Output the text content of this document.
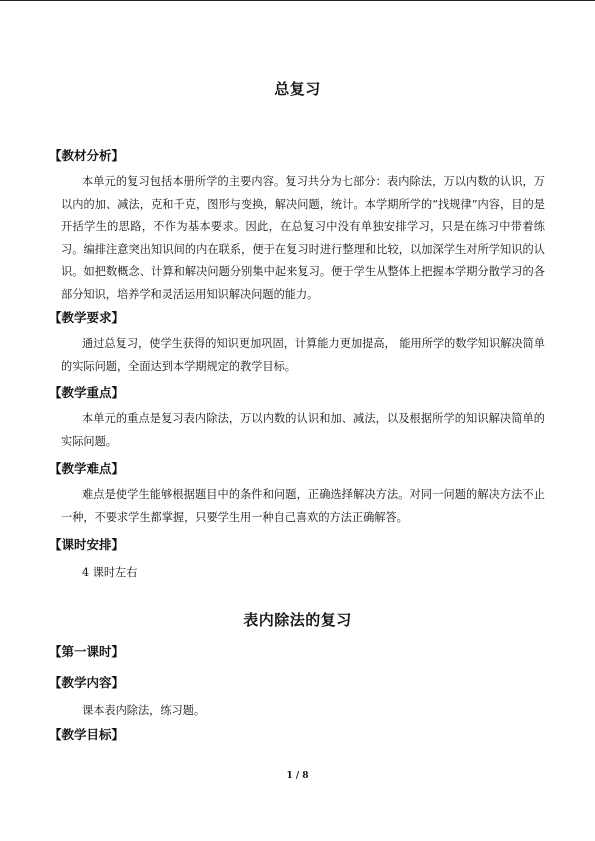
总复习
【教材分析】

本单元的复习包括本册所学的主要内容。复习共分为七部分：表内除法，万以内数的认识，万以内的加、减法，克和千克，图形与变换，解决问题，统计。本学期所学的“找规律”内容，目的是开括学生的思路，不作为基本要求。因此，在总复习中没有单独安排学习，只是在练习中带着练习。编排注意突出知识间的内在联系，便于在复习时进行整理和比较，以加深学生对所学知识的认识。如把数概念、计算和解决问题分别集中起来复习。便于学生从整体上把握本学期分散学习的各部分知识，培养学和灵活运用知识解决问题的能力。

【教学要求】

通过总复习，使学生获得的知识更加巩固，计算能力更加提高， 能用所学的数学知识解决简单的实际问题，全面达到本学期规定的教学目标。

【教学重点】

本单元的重点是复习表内除法，万以内数的认识和加、减法，以及根据所学的知识解决简单的实际问题。

【教学难点】

难点是使学生能够根据题目中的条件和问题，正确选择解决方法。对同一问题的解决方法不止一种，不要求学生都掌握，只要学生用一种自己喜欢的方法正确解答。

【课时安排】

4 课时左右

表内除法的复习
【第一课时】
【教学内容】

课本表内除法，练习题。

【教学目标】
1 / 8
